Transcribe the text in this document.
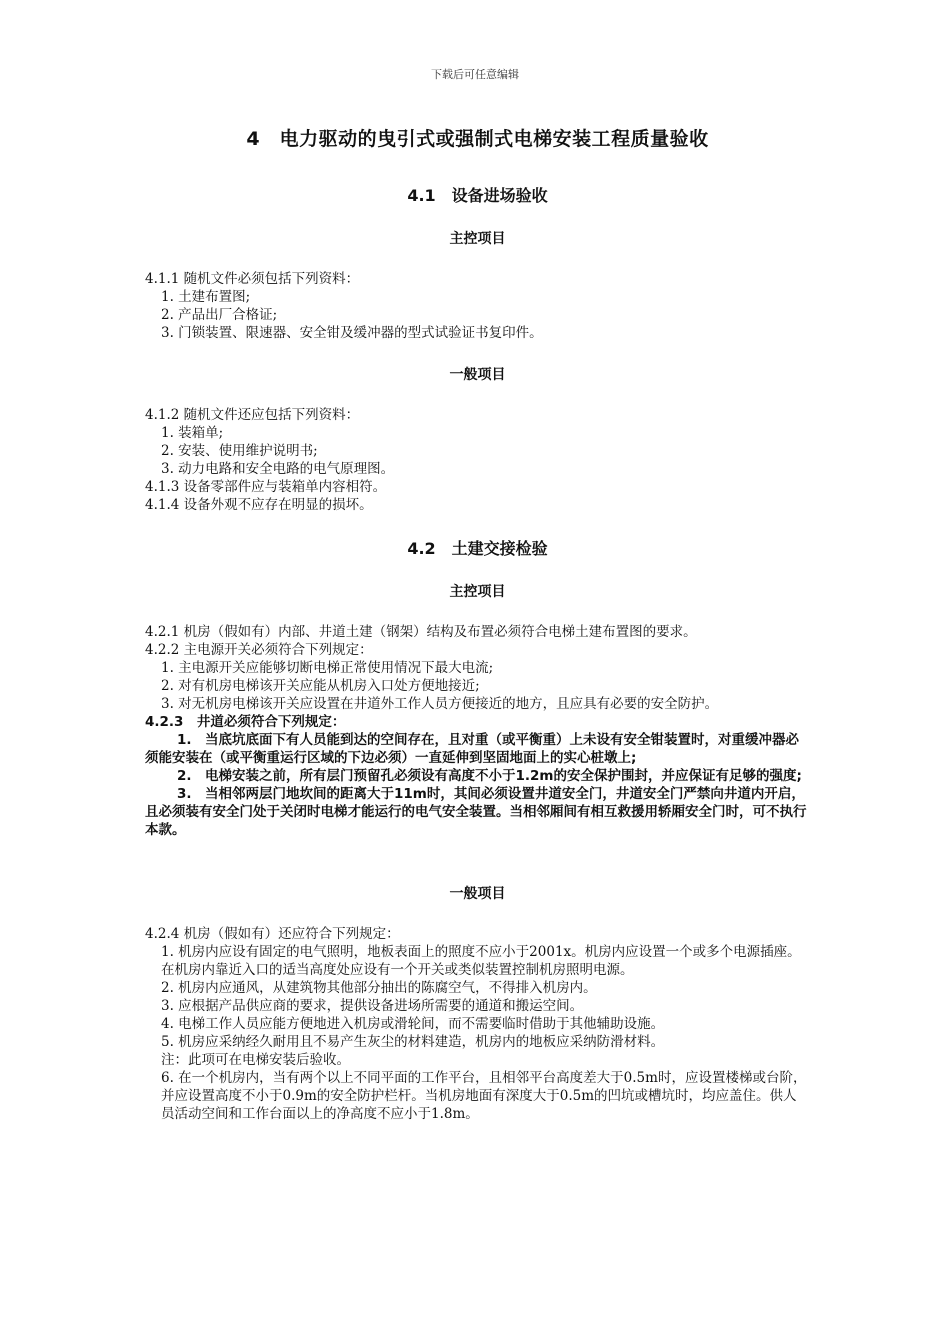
下载后可任意编辑
4　电力驱动的曳引式或强制式电梯安装工程质量验收
4.1　设备进场验收
主控项目

4.1.1 随机文件必须包括下列资料：

1. 土建布置图;

2. 产品出厂合格证;

3. 门锁装置、限速器、安全钳及缓冲器的型式试验证书复印件。

一般项目

4.1.2 随机文件还应包括下列资料：

1. 装箱单;

2. 安装、使用维护说明书;

3. 动力电路和安全电路的电气原理图。

4.1.3 设备零部件应与装箱单内容相符。

4.1.4 设备外观不应存在明显的损坏。

4.2　土建交接检验
主控项目

4.2.1 机房（假如有）内部、井道土建（钢架）结构及布置必须符合电梯土建布置图的要求。

4.2.2 主电源开关必须符合下列规定：

1. 主电源开关应能够切断电梯正常使用情况下最大电流;

2. 对有机房电梯该开关应能从机房入口处方便地接近;

3. 对无机房电梯该开关应设置在井道外工作人员方便接近的地方，且应具有必要的安全防护。

4.2.3　井道必须符合下列规定：

1.　当底坑底面下有人员能到达的空间存在，且对重（或平衡重）上未设有安全钳装置时，对重缓冲器必须能安装在（或平衡重运行区域的下边必须）一直延伸到坚固地面上的实心桩墩上;

2.　电梯安装之前，所有层门预留孔必须设有高度不小于1.2m的安全保护围封，并应保证有足够的强度;

3.　当相邻两层门地坎间的距离大于11m时，其间必须设置井道安全门，井道安全门严禁向井道内开启，且必须装有安全门处于关闭时电梯才能运行的电气安全装置。当相邻厢间有相互救援用轿厢安全门时，可不执行本款。

一般项目

4.2.4 机房（假如有）还应符合下列规定：

1. 机房内应设有固定的电气照明，地板表面上的照度不应小于2001x。机房内应设置一个或多个电源插座。在机房内靠近入口的适当高度处应设有一个开关或类似装置控制机房照明电源。

2. 机房内应通风，从建筑物其他部分抽出的陈腐空气，不得排入机房内。

3. 应根据产品供应商的要求，提供设备进场所需要的通道和搬运空间。

4. 电梯工作人员应能方便地进入机房或滑轮间，而不需要临时借助于其他辅助设施。

5. 机房应采纳经久耐用且不易产生灰尘的材料建造，机房内的地板应采纳防滑材料。

注：此项可在电梯安装后验收。

6. 在一个机房内，当有两个以上不同平面的工作平台，且相邻平台高度差大于0.5m时，应设置楼梯或台阶，并应设置高度不小于0.9m的安全防护栏杆。当机房地面有深度大于0.5m的凹坑或槽坑时，均应盖住。供人员活动空间和工作台面以上的净高度不应小于1.8m。
